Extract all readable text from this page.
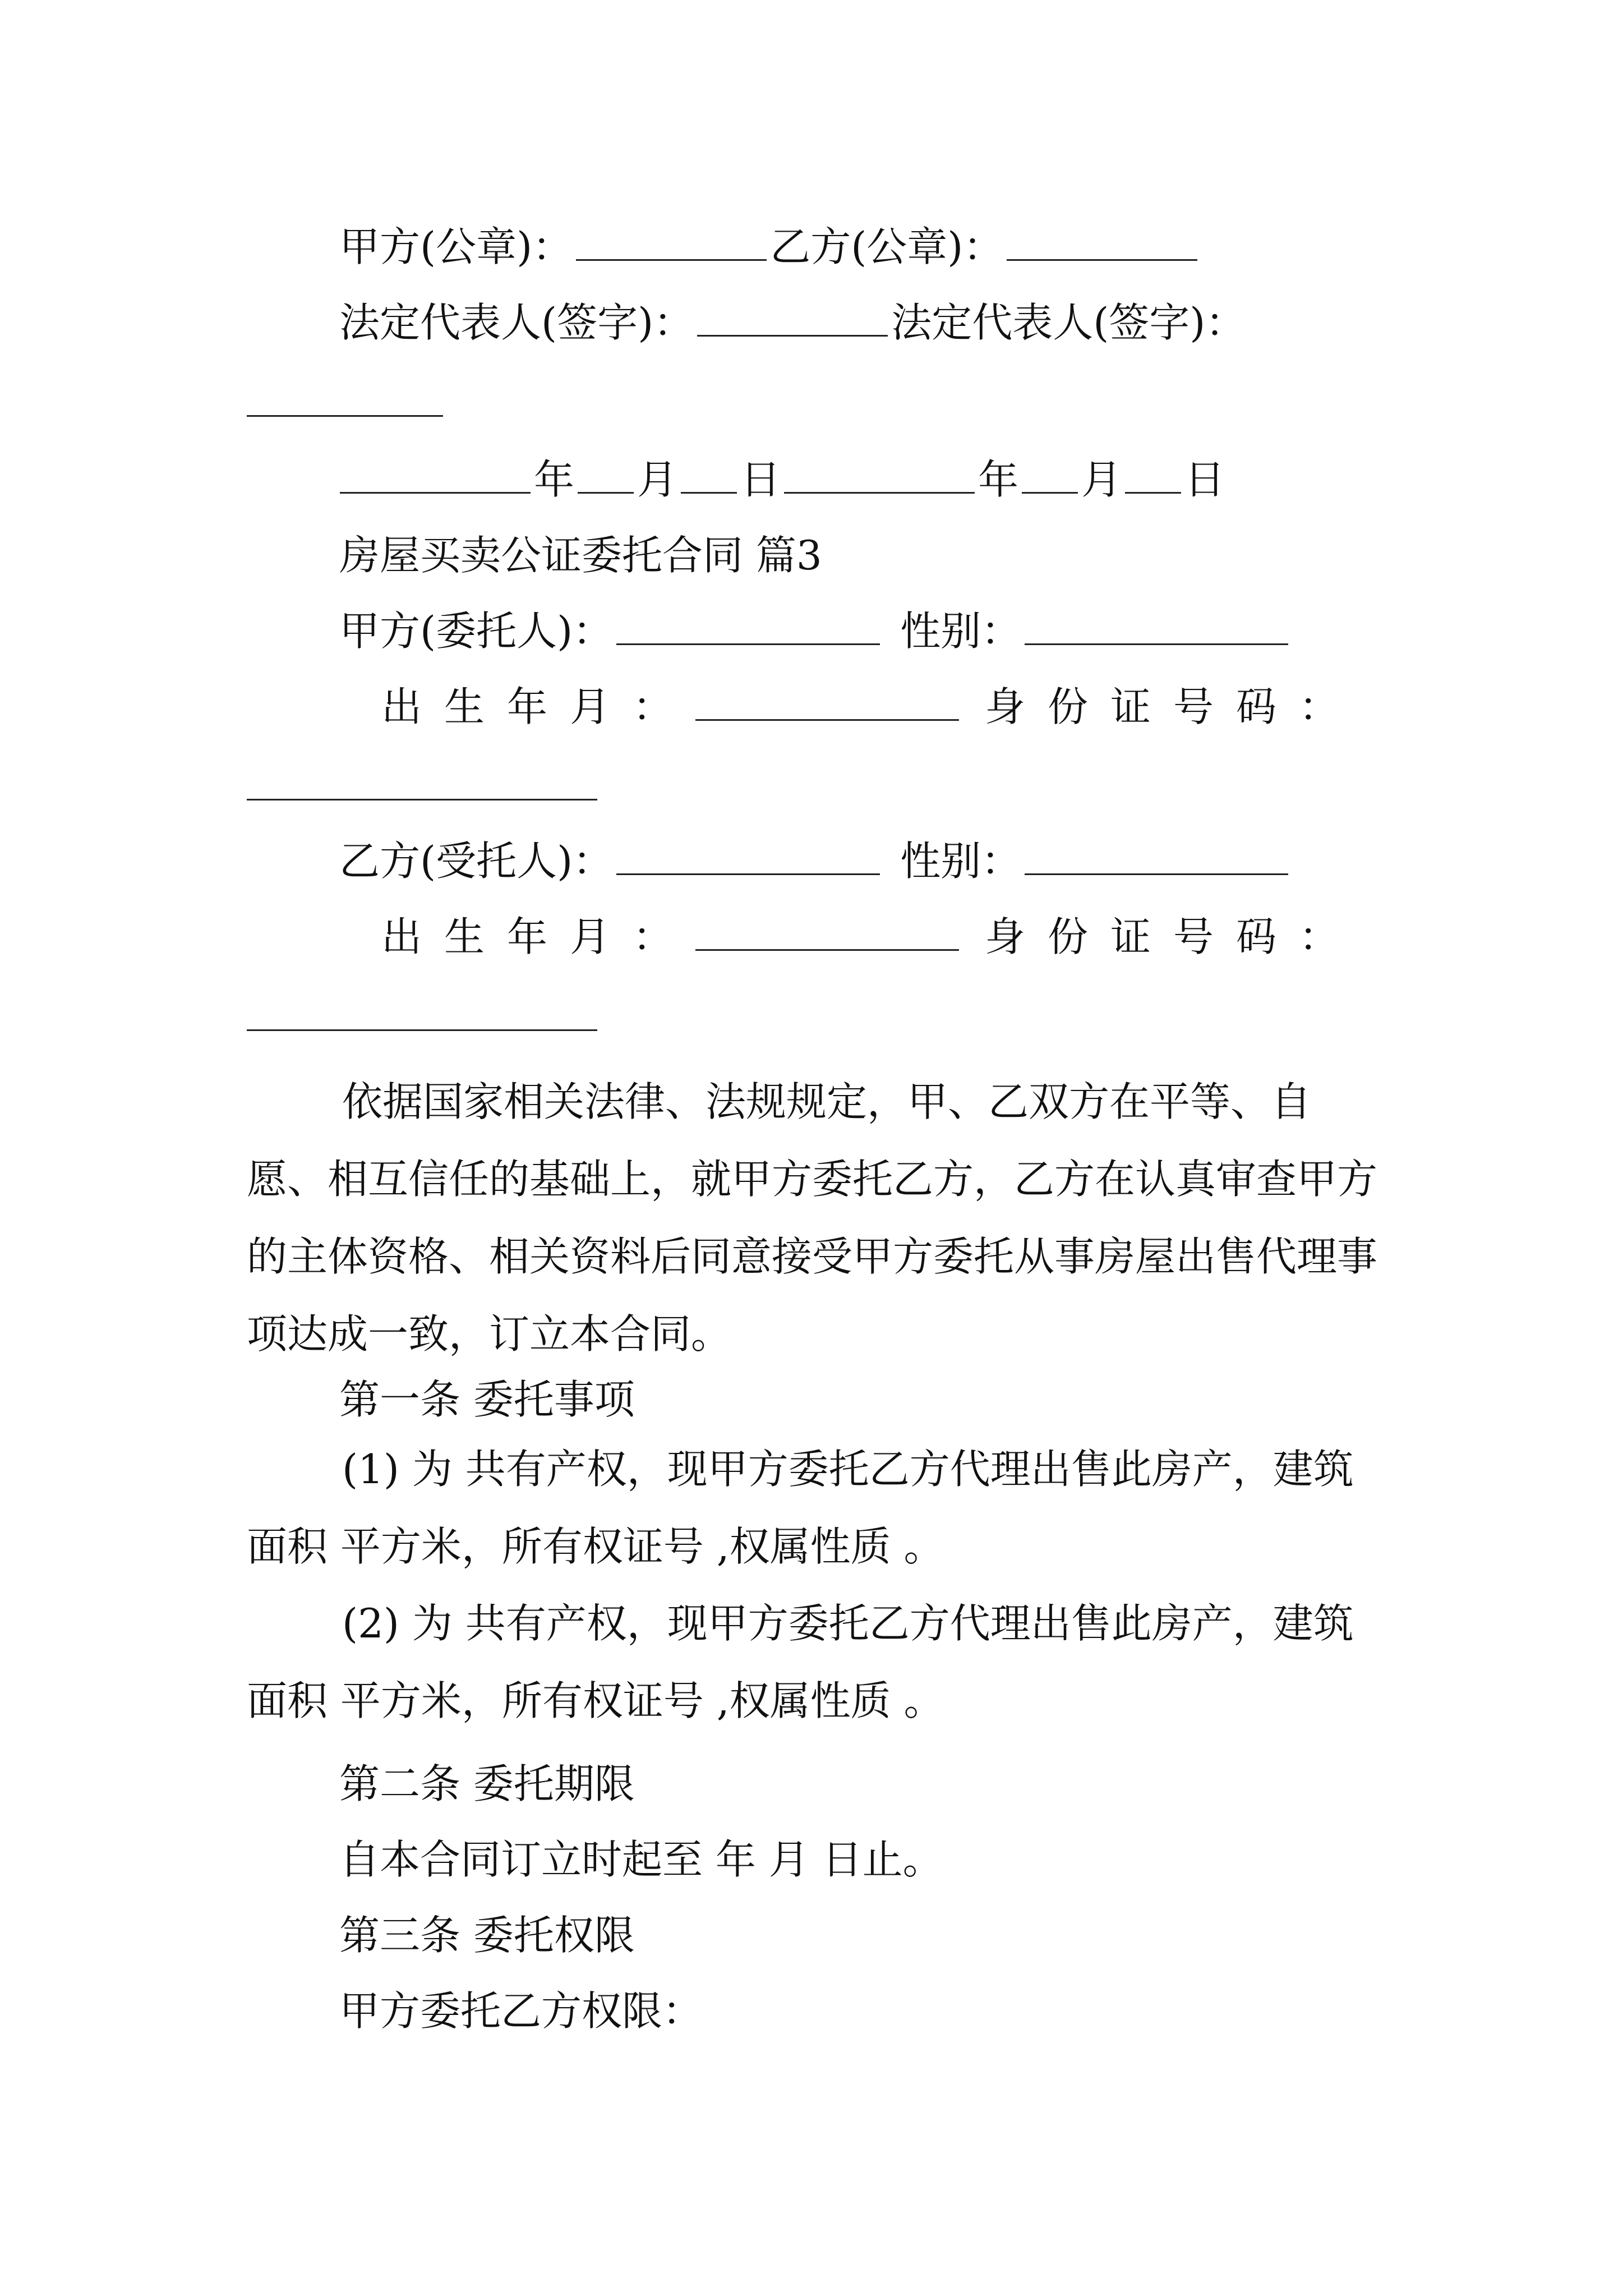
甲方(公章)：	乙方(公章)：
法定代表人(签字)：	法定代表人(签字)：
年 月 日	年 月 日
房屋买卖公证委托合同 篇3
甲方(委托人)：	性别：
出生年月：	身份证号码：
乙方(受托人)：	性别：
出生年月：	身份证号码：
依据国家相关法律、法规规定，甲、乙双方在平等、自愿、相互信任的基础上，就甲方委托乙方，乙方在认真审查甲方的主体资格、相关资料后同意接受甲方委托从事房屋出售代理事项达成一致，订立本合同。
第一条 委托事项
(1) 为 共有产权，现甲方委托乙方代理出售此房产，建筑面积 平方米，所有权证号 ,权属性质 。
(2) 为 共有产权，现甲方委托乙方代理出售此房产，建筑面积 平方米，所有权证号 ,权属性质 。
第二条 委托期限
自本合同订立时起至 年 月 日止。
第三条 委托权限
甲方委托乙方权限：
